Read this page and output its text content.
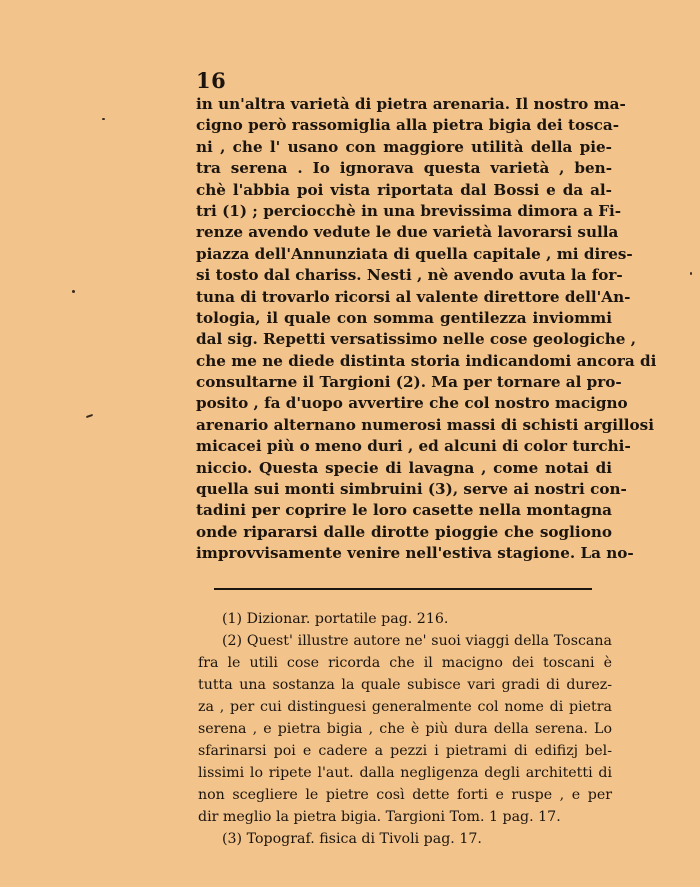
16
in un'altra varietà di pietra arenaria. Il nostro ma-
cigno però rassomiglia alla pietra bigia dei tosca-
ni , che l' usano con maggiore utilità della pie-
tra serena . Io ignorava questa varietà , ben-
chè l'abbia poi vista riportata dal Bossi e da al-
tri (1) ; perciocchè in una brevissima dimora a Fi-
renze avendo vedute le due varietà lavorarsi sulla
piazza dell'Annunziata di quella capitale , mi dires-
si tosto dal chariss. Nesti , nè avendo avuta la for-
tuna di trovarlo ricorsi al valente direttore dell'An-
tologia, il quale con somma gentilezza inviommi
dal sig. Repetti versatissimo nelle cose geologiche ,
che me ne diede distinta storia indicandomi ancora di
consultarne il Targioni (2). Ma per tornare al pro-
posito , fa d'uopo avvertire che col nostro macigno
arenario alternano numerosi massi di schisti argillosi
micacei più o meno duri , ed alcuni di color turchi-
niccio. Questa specie di lavagna , come notai di
quella sui monti simbruini (3), serve ai nostri con-
tadini per coprire le loro casette nella montagna
onde ripararsi dalle dirotte pioggie che sogliono
improvvisamente venire nell'estiva stagione. La no-
(1) Dizionar. portatile pag. 216.
(2) Quest' illustre autore ne' suoi viaggi della Toscana
fra le utili cose ricorda che il macigno dei toscani è
tutta una sostanza la quale subisce vari gradi di durez-
za , per cui distinguesi generalmente col nome di pietra
serena , e pietra bigia , che è più dura della serena. Lo
sfarinarsi poi e cadere a pezzi i pietrami di edifizj bel-
lissimi lo ripete l'aut. dalla negligenza degli architetti di
non scegliere le pietre così dette forti e ruspe , e per
dir meglio la pietra bigia. Targioni Tom. 1 pag. 17.
(3) Topograf. fisica di Tivoli pag. 17.
